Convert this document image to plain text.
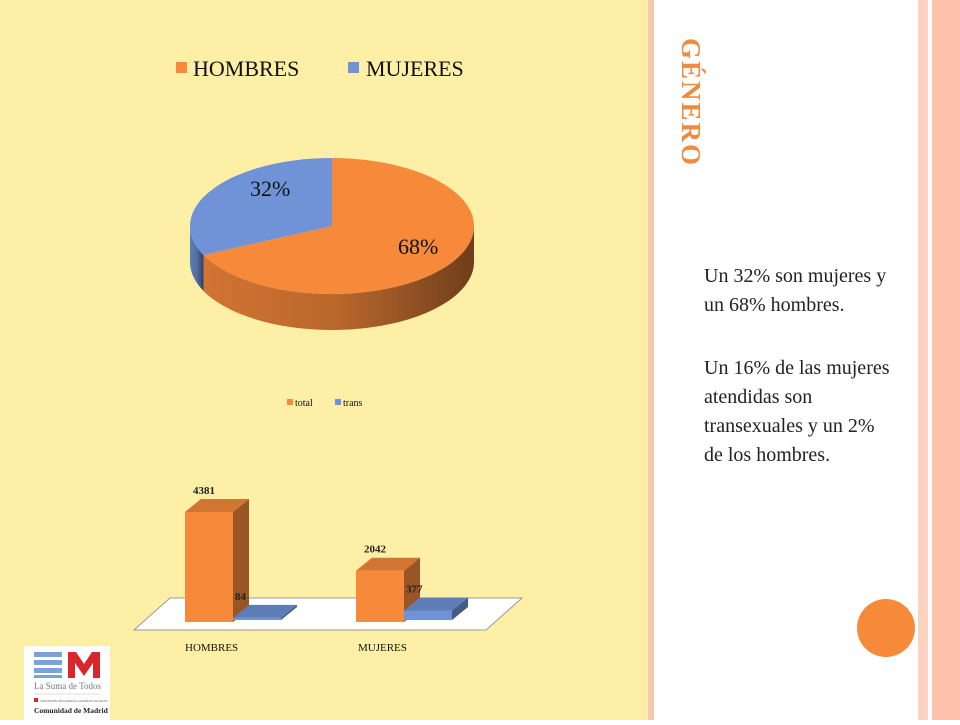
HOMBRES	MUJERES
32%
68%
total	trans
4381
2042
84
377
HOMBRES	MUJERES
La Suma de Todos
CONSEJERÍA DE FAMILIA Y ASUNTOS SOCIALES
Comunidad de Madrid
GÉNERO
Un 32% son mujeres y un 68% hombres.
Un 16% de las mujeres atendidas son transexuales y un 2% de los hombres.
